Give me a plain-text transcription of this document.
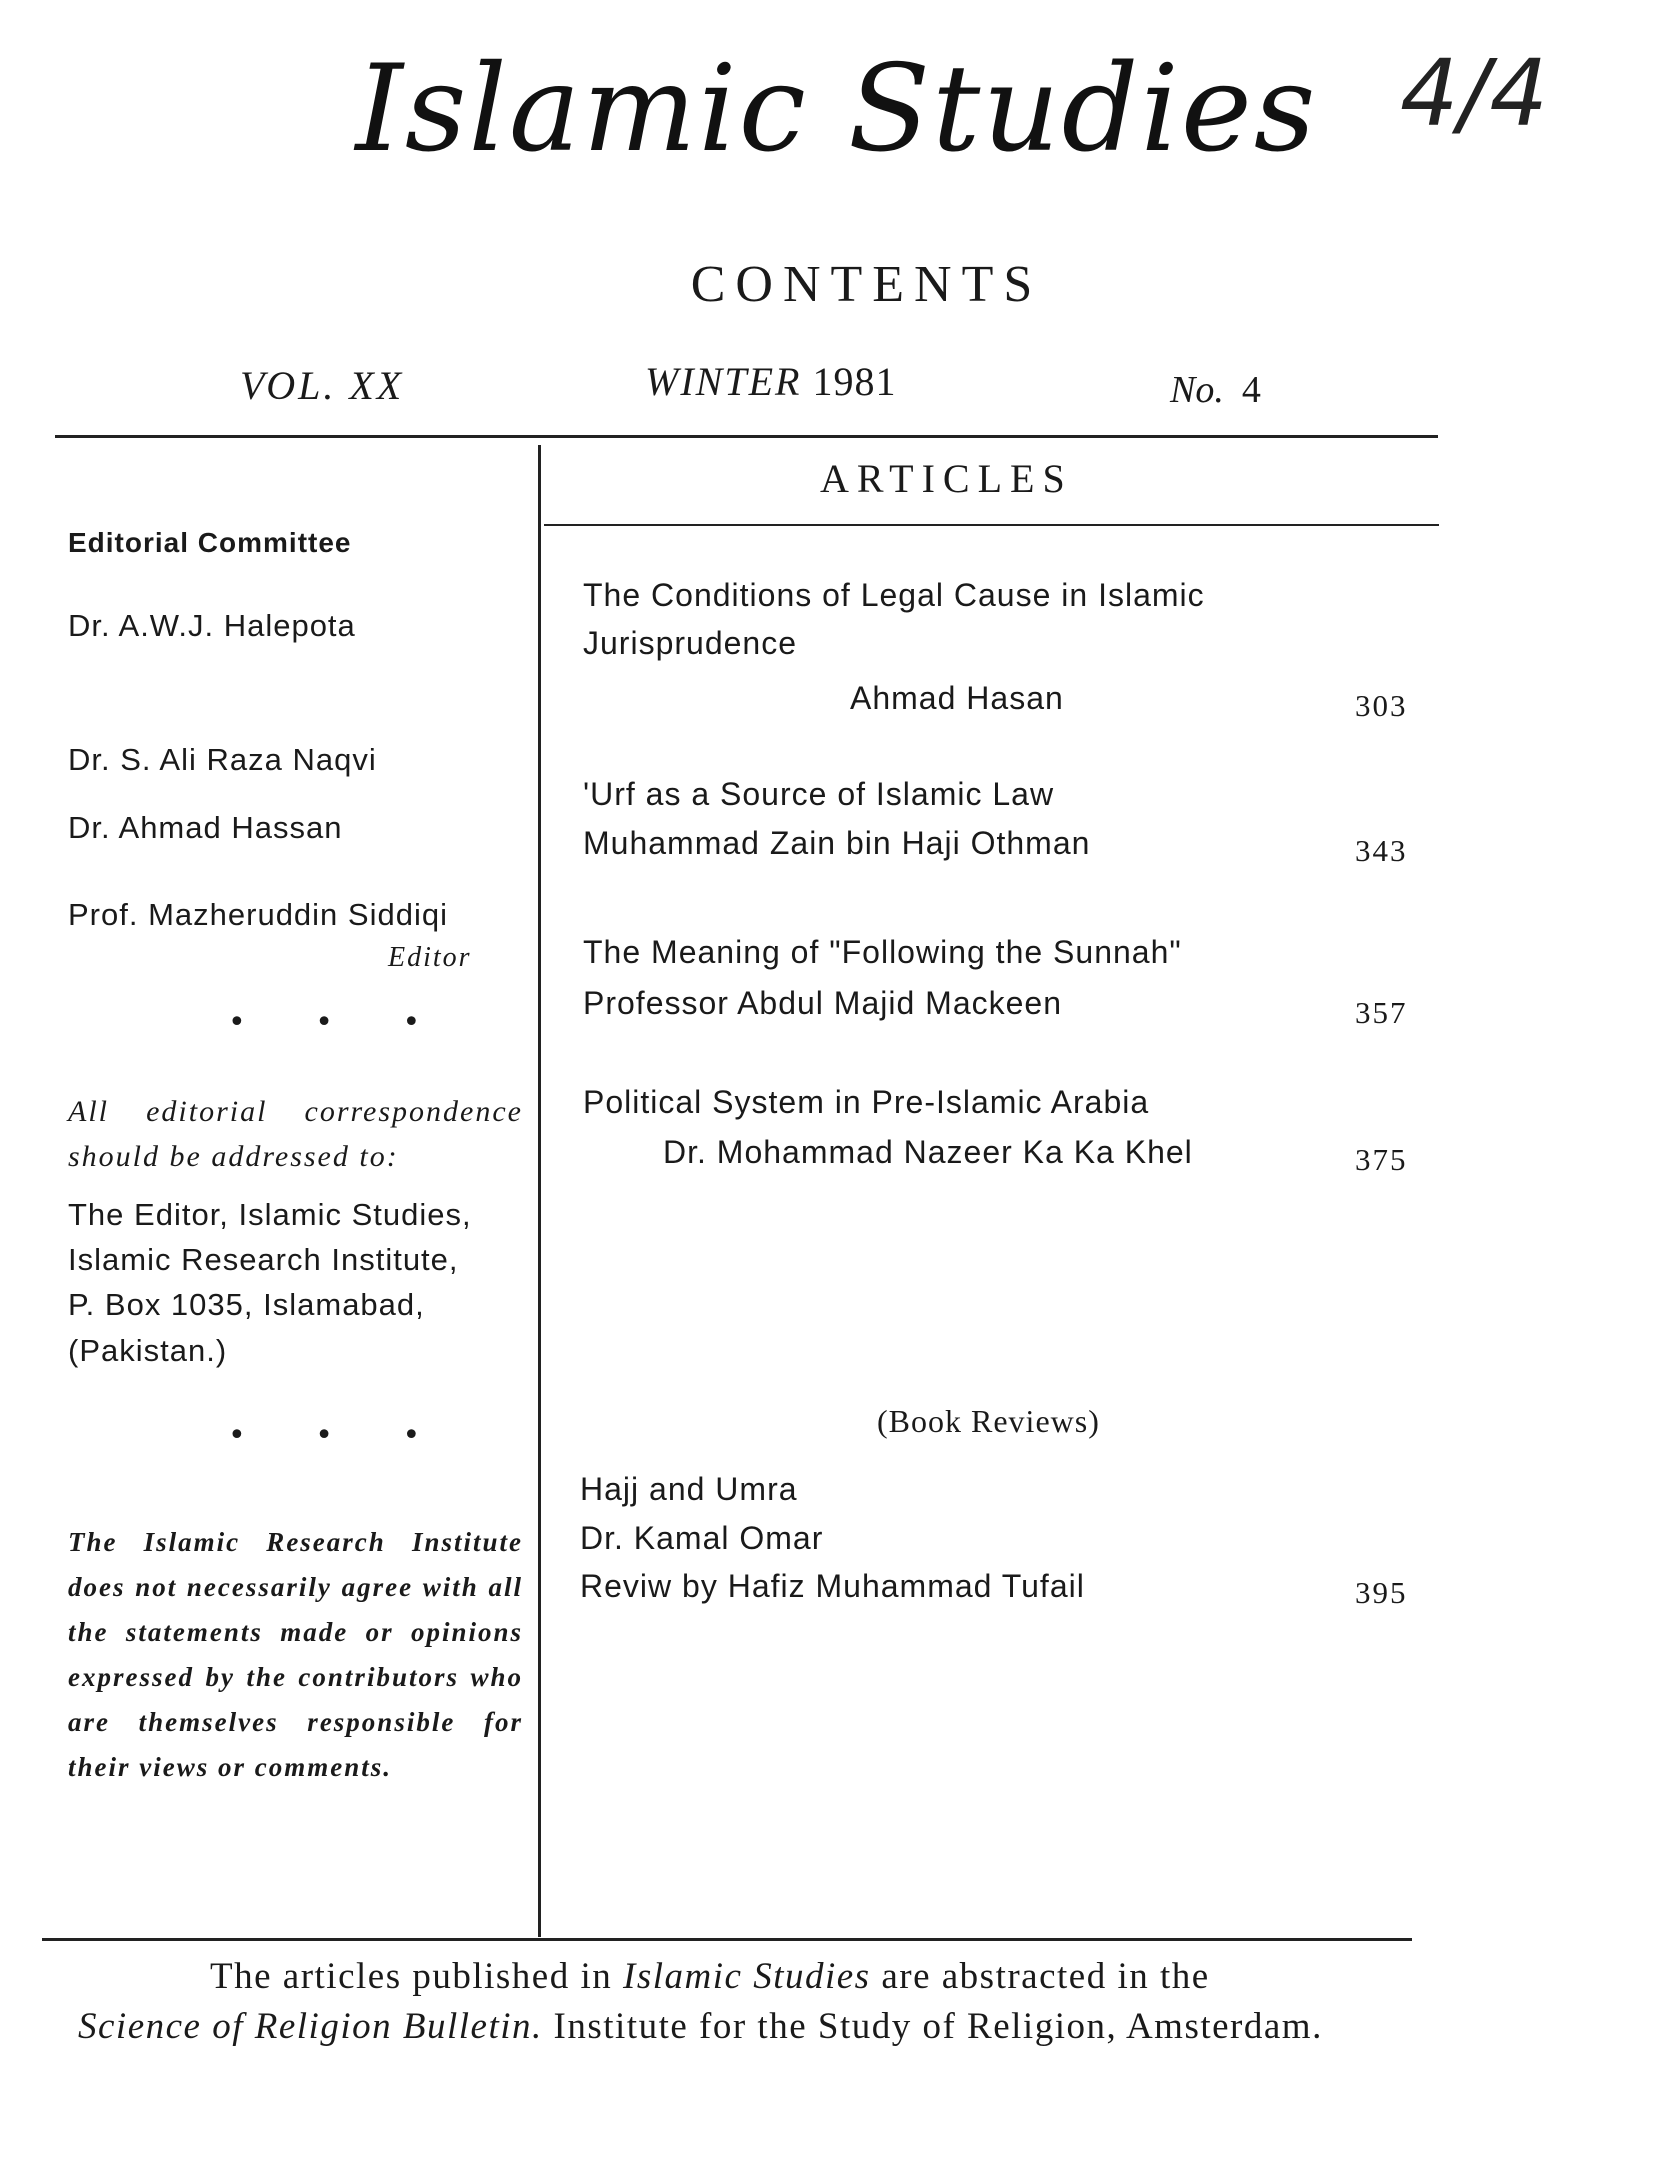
Islamic Studies 4/4
CONTENTS
VOL. XX	WINTER 1981	No. 4
ARTICLES
Editorial Committee
Dr. A.W.J. Halepota
Dr. S. Ali Raza Naqvi
Dr. Ahmad Hassan
Prof. Mazheruddin Siddiqi
Editor
• • •
All editorial correspondence
should be addressed to:
The Editor, Islamic Studies,
Islamic Research Institute,
P. Box 1035, Islamabad,
(Pakistan.)
• • •
The Islamic Research Institute does not necessarily agree with all the statements made or opinions expressed by the contributors who are themselves responsible for their views or comments.
The Conditions of Legal Cause in Islamic
Jurisprudence
Ahmad Hasan	303
'Urf as a Source of Islamic Law
Muhammad Zain bin Haji Othman	343
The Meaning of "Following the Sunnah"
Professor Abdul Majid Mackeen	357
Political System in Pre-Islamic Arabia
Dr. Mohammad Nazeer Ka Ka Khel	375
(Book Reviews)
Hajj and Umra
Dr. Kamal Omar
Reviw by Hafiz Muhammad Tufail	395
The articles published in Islamic Studies are abstracted in the
Science of Religion Bulletin. Institute for the Study of Religion, Amsterdam.
